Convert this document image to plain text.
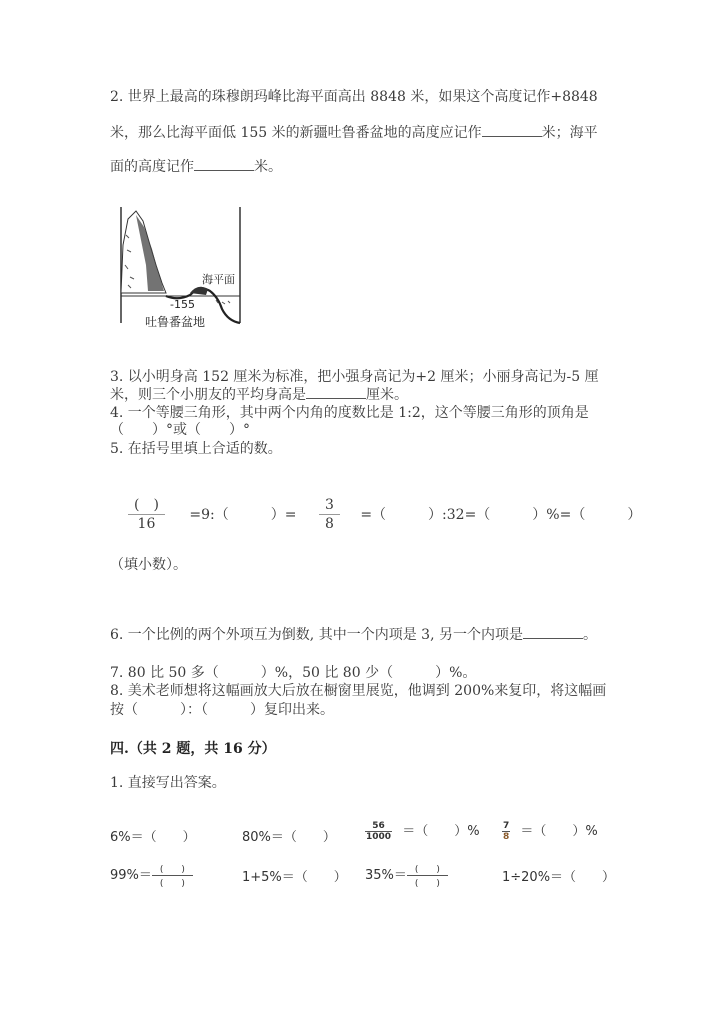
2. 世界上最高的珠穆朗玛峰比海平面高出 8848 米，如果这个高度记作+8848
米，那么比海平面低 155 米的新疆吐鲁番盆地的高度应记作	米；海平
面的高度记作	米。
海平面
-155
吐鲁番盆地
3. 以小明身高 152 厘米为标准，把小强身高记为+2 厘米；小丽身高记为-5 厘
米，则三个小朋友的平均身高是	厘米。
4. 一个等腰三角形，其中两个内角的度数比是 1:2，这个等腰三角形的顶角是
（　　）°或（　　）°
5. 在括号里填上合适的数。
$\frac{( )}{16}$ =9:（　　　）= $\frac{3}{8}$ =（　　　）:32=（　　　）%=（　　　）
（填小数）。
6. 一个比例的两个外项互为倒数, 其中一个内项是 3, 另一个内项是	。
7. 80 比 50 多（　　　）%，50 比 80 少（　　　）%。
8. 美术老师想将这幅画放大后放在橱窗里展览，他调到 200%来复印，将这幅画
按（　　　）：（　　　）复印出来。
四.（共 2 题，共 16 分）
1. 直接写出答案。
6%＝（　　）	80%＝（　　）	$\frac{56}{1000}$ ＝（　　）% $\frac{7}{8}$ ＝（　　）%
$99\%= \frac{( )}{( )}$	1+5%＝（　　） $35\%= \frac{( )}{( )}$	1÷20%＝（　　）
